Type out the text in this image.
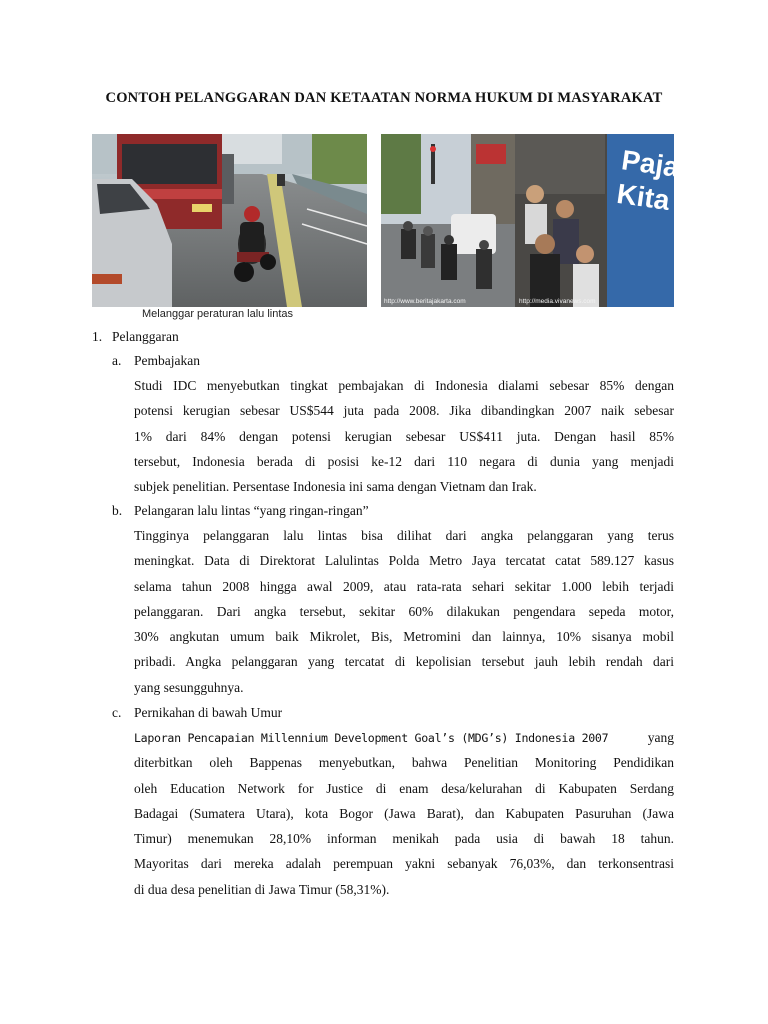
CONTOH PELANGGARAN DAN KETAATAN NORMA HUKUM DI MASYARAKAT
http://www.beritajakarta.com
Pajak
Kita
http://media.vivanews.com
Melanggar peraturan lalu lintas
1. Pelanggaran
a. Pembajakan
Studi IDC menyebutkan tingkat pembajakan di Indonesia dialami sebesar 85% dengan
potensi kerugian sebesar US$544 juta pada 2008. Jika dibandingkan 2007 naik sebesar
1% dari 84% dengan potensi kerugian sebesar US$411 juta. Dengan hasil 85%
tersebut, Indonesia berada di posisi ke-12 dari 110 negara di dunia yang menjadi
subjek penelitian. Persentase Indonesia ini sama dengan Vietnam dan Irak.
b. Pelangaran lalu lintas “yang ringan-ringan”
Tingginya pelanggaran lalu lintas bisa dilihat dari angka pelanggaran yang terus
meningkat. Data di Direktorat Lalulintas Polda Metro Jaya tercatat catat 589.127 kasus
selama tahun 2008 hingga awal 2009, atau rata-rata sehari sekitar 1.000 lebih terjadi
pelanggaran. Dari angka tersebut, sekitar 60% dilakukan pengendara sepeda motor,
30% angkutan umum baik Mikrolet, Bis, Metromini dan lainnya, 10% sisanya mobil
pribadi. Angka pelanggaran yang tercatat di kepolisian tersebut jauh lebih rendah dari
yang sesungguhnya.
c. Pernikahan di bawah Umur
Laporan Pencapaian Millennium Development Goal’s (MDG’s) Indonesia 2007	yang
diterbitkan oleh Bappenas menyebutkan, bahwa Penelitian Monitoring Pendidikan
oleh Education Network for Justice di enam desa/kelurahan di Kabupaten Serdang
Badagai (Sumatera Utara), kota Bogor (Jawa Barat), dan Kabupaten Pasuruhan (Jawa
Timur) menemukan 28,10% informan menikah pada usia di bawah 18 tahun.
Mayoritas dari mereka adalah perempuan yakni sebanyak 76,03%, dan terkonsentrasi
di dua desa penelitian di Jawa Timur (58,31%).
